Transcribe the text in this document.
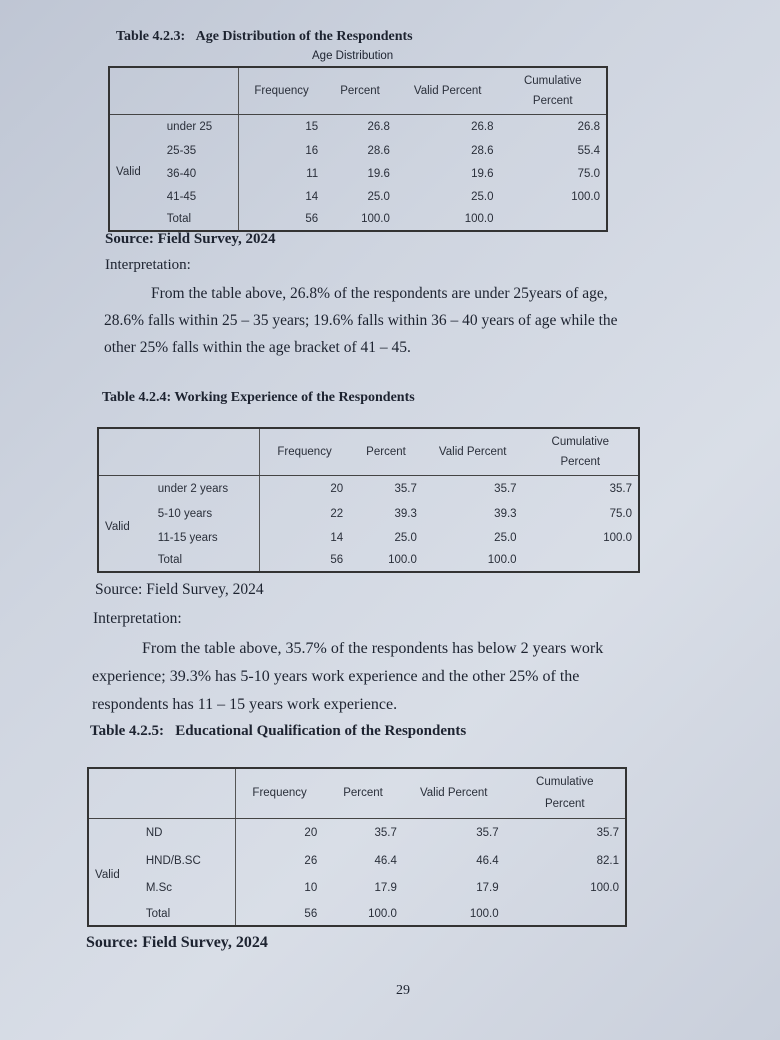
Table 4.2.3: Age Distribution of the Respondents
Age Distribution
		Frequency	Percent	Valid Percent	Cumulative
Percent
Valid	under 25	15	26.8	26.8	26.8
	25-35	16	28.6	28.6	55.4
	36-40	11	19.6	19.6	75.0
	41-45	14	25.0	25.0	100.0
	Total	56	100.0	100.0	
Source: Field Survey, 2024
Interpretation:
From the table above, 26.8% of the respondents are under 25years of age,
28.6% falls within 25 – 35 years; 19.6% falls within 36 – 40 years of age while the
other 25% falls within the age bracket of 41 – 45.
Table 4.2.4: Working Experience of the Respondents
		Frequency	Percent	Valid Percent	Cumulative
Percent
Valid	under 2 years	20	35.7	35.7	35.7
	5-10 years	22	39.3	39.3	75.0
	11-15 years	14	25.0	25.0	100.0
	Total	56	100.0	100.0	
Source: Field Survey, 2024
Interpretation:
From the table above, 35.7% of the respondents has below 2 years work
experience; 39.3% has 5-10 years work experience and the other 25% of the
respondents has 11 – 15 years work experience.
Table 4.2.5: Educational Qualification of the Respondents
		Frequency	Percent	Valid Percent	Cumulative
Percent
Valid	ND	20	35.7	35.7	35.7
	HND/B.SC	26	46.4	46.4	82.1
	M.Sc	10	17.9	17.9	100.0
	Total	56	100.0	100.0	
Source: Field Survey, 2024
29
